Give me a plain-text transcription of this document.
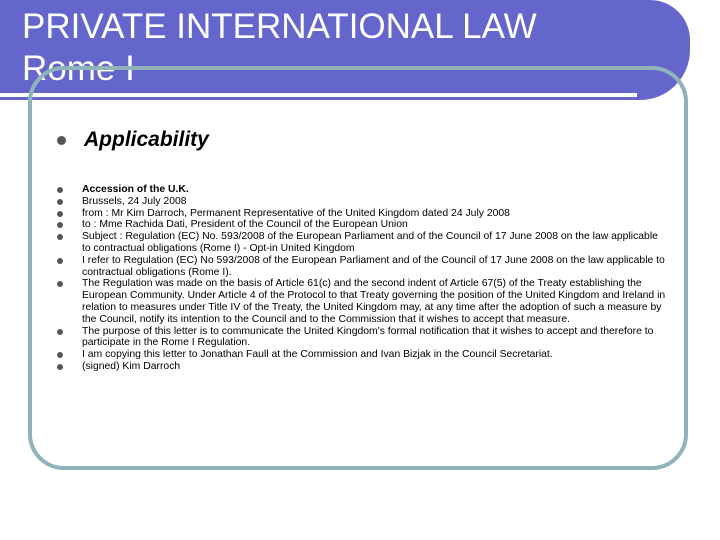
PRIVATE INTERNATIONAL LAW
Rome I
Applicability
Accession of the U.K.
Brussels, 24 July 2008
from : Mr Kim Darroch, Permanent Representative of the United Kingdom dated 24 July 2008
to : Mme Rachida Dati, President of the Council of the European Union
Subject : Regulation (EC) No. 593/2008 of the European Parliament and of the Council of 17 June 2008 on the law applicable to contractual obligations (Rome I) - Opt-in United Kingdom
I refer to Regulation (EC) No 593/2008 of the European Parliament and of the Council of 17 June 2008 on the law applicable to contractual obligations (Rome I).
The Regulation was made on the basis of Article 61(c) and the second indent of Article 67(5) of the Treaty establishing the European Community. Under Article 4 of the Protocol to that Treaty governing the position of the United Kingdom and Ireland in relation to measures under Title IV of the Treaty, the United Kingdom may, at any time after the adoption of such a measure by the Council, notify its intention to the Council and to the Commission that it wishes to accept that measure.
The purpose of this letter is to communicate the United Kingdom's formal notification that it wishes to accept and therefore to participate in the Rome I Regulation.
I am copying this letter to Jonathan Faull at the Commission and Ivan Bizjak in the Council Secretariat.
(signed) Kim Darroch
